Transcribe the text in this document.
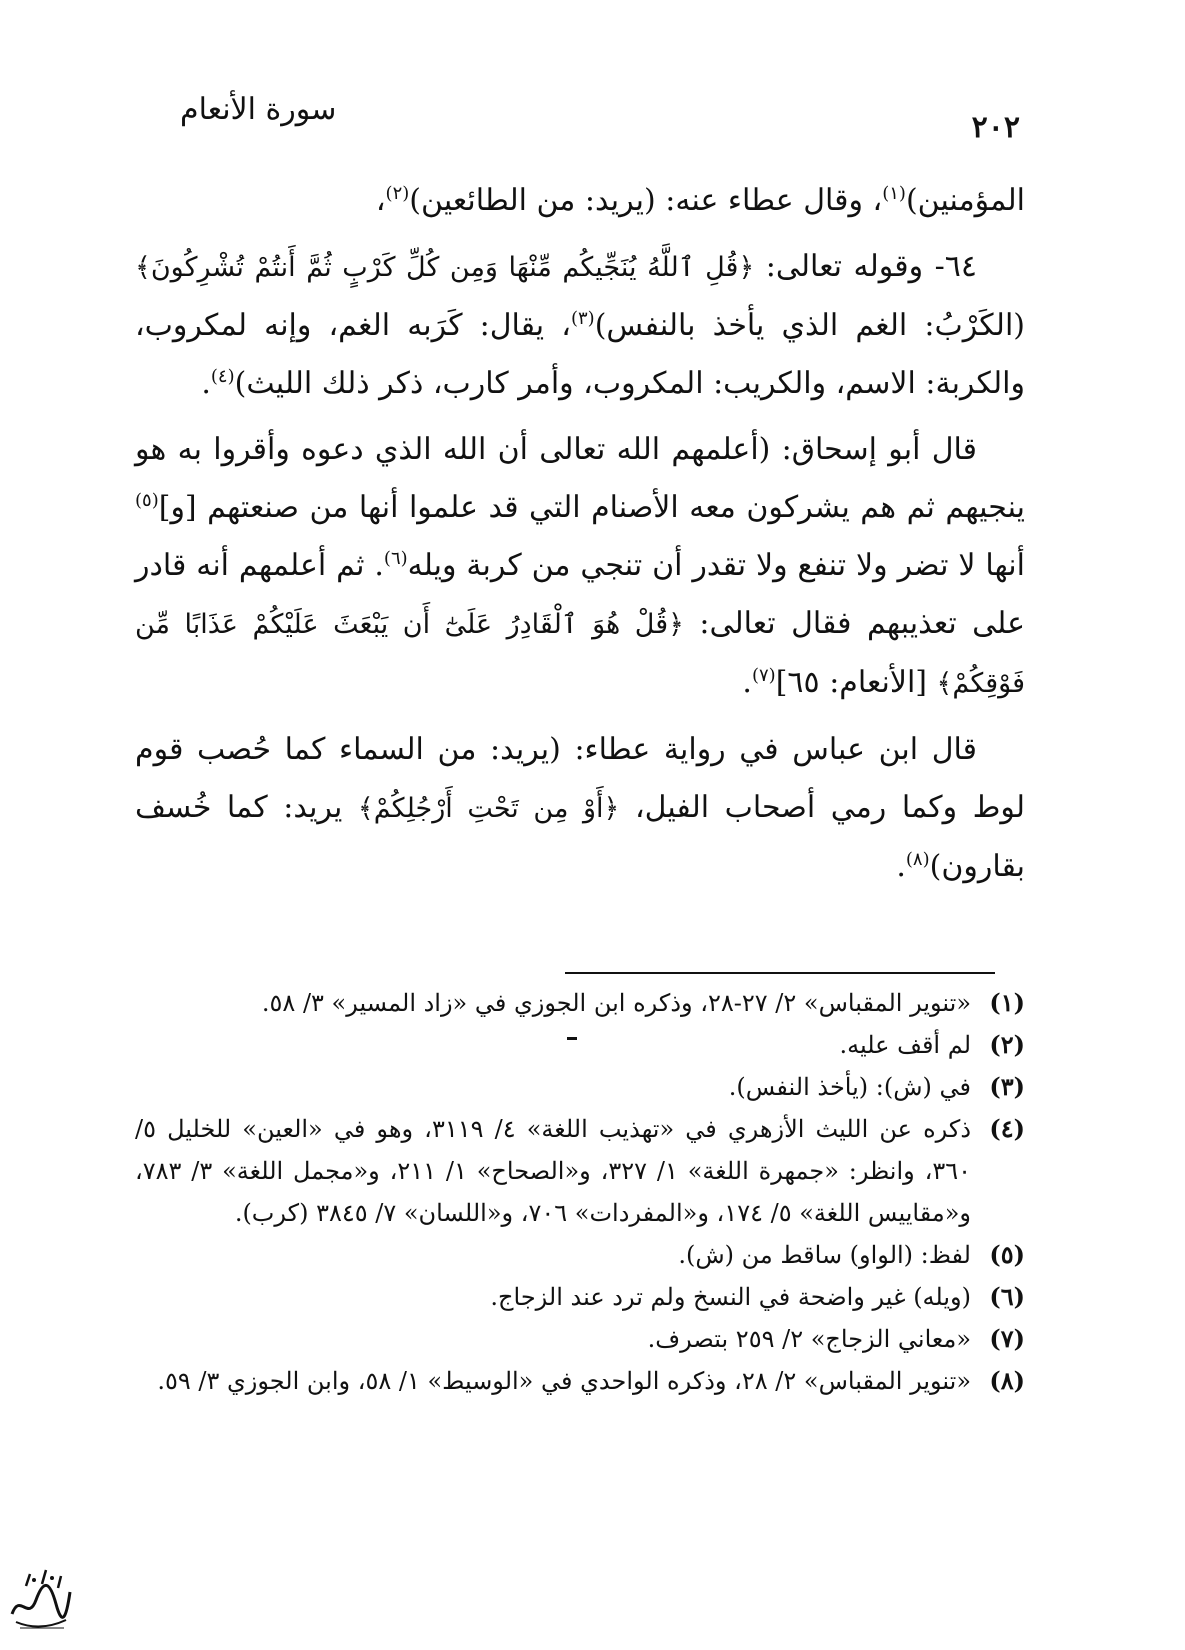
٢٠٢
سورة الأنعام

المؤمنين)$^{(١)}$، وقال عطاء عنه: (يريد: من الطائعين)$^{(٢)}$،

٦٤- وقوله تعالى: ﴿قُلِ ٱللَّهُ يُنَجِّيكُم مِّنْهَا وَمِن كُلِّ كَرْبٍ ثُمَّ أَنتُمْ تُشْرِكُونَ﴾ (الكَرْبُ: الغم الذي يأخذ بالنفس)$^{(٣)}$، يقال: كَرَبه الغم، وإنه لمكروب، والكربة: الاسم، والكريب: المكروب، وأمر كارب، ذكر ذلك الليث)$^{(٤)}$.

قال أبو إسحاق: (أعلمهم الله تعالى أن الله الذي دعوه وأقروا به هو ينجيهم ثم هم يشركون معه الأصنام التي قد علموا أنها من صنعتهم [و]$^{(٥)}$ أنها لا تضر ولا تنفع ولا تقدر أن تنجي من كربة ويله$^{(٦)}$. ثم أعلمهم أنه قادر على تعذيبهم فقال تعالى: ﴿قُلْ هُوَ ٱلْقَادِرُ عَلَىٰٓ أَن يَبْعَثَ عَلَيْكُمْ عَذَابًا مِّن فَوْقِكُمْ﴾ [الأنعام: ٦٥]$^{(٧)}$.

قال ابن عباس في رواية عطاء: (يريد: من السماء كما حُصب قوم لوط وكما رمي أصحاب الفيل، ﴿أَوْ مِن تَحْتِ أَرْجُلِكُمْ﴾ يريد: كما خُسف بقارون)$^{(٨)}$.

(١)
«تنوير المقباس» ٢/ ٢٧-٢٨، وذكره ابن الجوزي في «زاد المسير» ٣/ ٥٨.
(٢)
لم أقف عليه.
(٣)
في (ش): (يأخذ النفس).
(٤)
ذكره عن الليث الأزهري في «تهذيب اللغة» ٤/ ٣١١٩، وهو في «العين» للخليل ٥/ ٣٦٠، وانظر: «جمهرة اللغة» ١/ ٣٢٧، و«الصحاح» ١/ ٢١١، و«مجمل اللغة» ٣/ ٧٨٣، و«مقاييس اللغة» ٥/ ١٧٤، و«المفردات» ٧٠٦، و«اللسان» ٧/ ٣٨٤٥ (كرب).
(٥)
لفظ: (الواو) ساقط من (ش).
(٦)
(ويله) غير واضحة في النسخ ولم ترد عند الزجاج.
(٧)
«معاني الزجاج» ٢/ ٢٥٩ بتصرف.
(٨)
«تنوير المقباس» ٢/ ٢٨، وذكره الواحدي في «الوسيط» ١/ ٥٨، وابن الجوزي ٣/ ٥٩.
